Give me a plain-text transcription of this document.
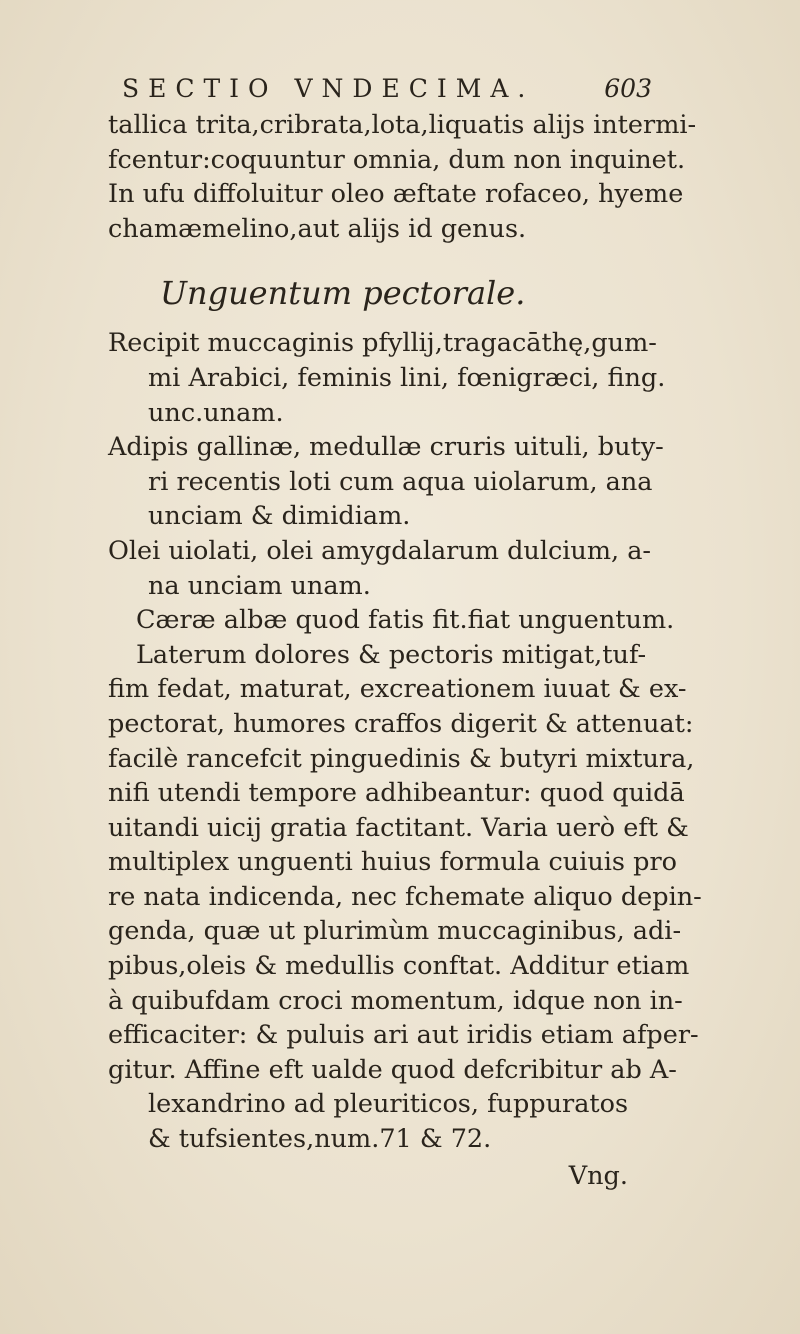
SECTIO VNDECIMA.	603
tallica trita,cribrata,lota,liquatis alijs intermi-
fcentur:coquuntur omnia, dum non inquinet.
In ufu diffoluitur oleo æftate rofaceo, hyeme
chamæmelino,aut alijs id genus.
Unguentum pectorale.
Recipit muccaginis pfyllij,tragacāthę,gum-
mi Arabici, feminis lini, fœnigræci, fing.
unc.unam.
Adipis gallinæ, medullæ cruris uituli, buty-
ri recentis loti cum aqua uiolarum, ana
unciam & dimidiam.
Olei uiolati, olei amygdalarum dulcium, a-
na unciam unam.
Cæræ albæ quod fatis fit.fiat unguentum.
Laterum dolores & pectoris mitigat,tuf-
fim fedat, maturat, excreationem iuuat & ex-
pectorat, humores craffos digerit & attenuat:
facilè rancefcit pinguedinis & butyri mixtura,
nifi utendi tempore adhibeantur: quod quidā
uitandi uicij gratia factitant. Varia uerò eft &
multiplex unguenti huius formula cuiuis pro
re nata indicenda, nec fchemate aliquo depin-
genda, quæ ut plurimùm muccaginibus, adi-
pibus,oleis & medullis conftat. Additur etiam
à quibufdam croci momentum, idque non in-
efficaciter: & puluis ari aut iridis etiam afper-
gitur. Affine eft ualde quod defcribitur ab A-
lexandrino ad pleuriticos, fuppuratos
& tufsientes,num.71 & 72.
Vng.
